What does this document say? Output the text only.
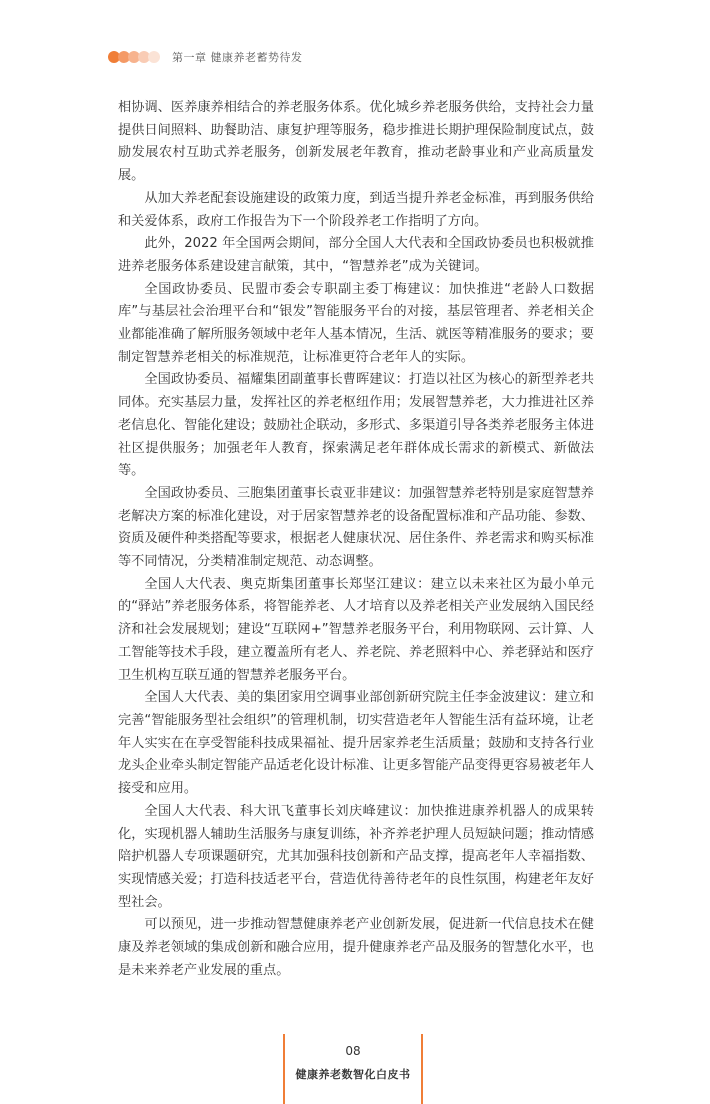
第一章 健康养老蓄势待发

相协调、医养康养相结合的养老服务体系。优化城乡养老服务供给，支持社会力量提供日间照料、助餐助洁、康复护理等服务，稳步推进长期护理保险制度试点，鼓励发展农村互助式养老服务，创新发展老年教育，推动老龄事业和产业高质量发展。

从加大养老配套设施建设的政策力度，到适当提升养老金标准，再到服务供给和关爱体系，政府工作报告为下一个阶段养老工作指明了方向。

此外，2022 年全国两会期间，部分全国人大代表和全国政协委员也积极就推进养老服务体系建设建言献策，其中，“智慧养老”成为关键词。

全国政协委员、民盟市委会专职副主委丁梅建议：加快推进“老龄人口数据库”与基层社会治理平台和“银发”智能服务平台的对接，基层管理者、养老相关企业都能准确了解所服务领域中老年人基本情况，生活、就医等精准服务的要求；要制定智慧养老相关的标准规范，让标准更符合老年人的实际。

全国政协委员、福耀集团副董事长曹晖建议：打造以社区为核心的新型养老共同体。充实基层力量，发挥社区的养老枢纽作用；发展智慧养老，大力推进社区养老信息化、智能化建设；鼓励社企联动，多形式、多渠道引导各类养老服务主体进社区提供服务；加强老年人教育，探索满足老年群体成长需求的新模式、新做法等。

全国政协委员、三胞集团董事长袁亚非建议：加强智慧养老特别是家庭智慧养老解决方案的标准化建设，对于居家智慧养老的设备配置标准和产品功能、参数、资质及硬件种类搭配等要求，根据老人健康状况、居住条件、养老需求和购买标准等不同情况，分类精准制定规范、动态调整。

全国人大代表、奥克斯集团董事长郑坚江建议：建立以未来社区为最小单元的“驿站”养老服务体系，将智能养老、人才培育以及养老相关产业发展纳入国民经济和社会发展规划；建设“互联网+”智慧养老服务平台，利用物联网、云计算、人工智能等技术手段，建立覆盖所有老人、养老院、养老照料中心、养老驿站和医疗卫生机构互联互通的智慧养老服务平台。

全国人大代表、美的集团家用空调事业部创新研究院主任李金波建议：建立和完善“智能服务型社会组织”的管理机制，切实营造老年人智能生活有益环境，让老年人实实在在享受智能科技成果福祉、提升居家养老生活质量；鼓励和支持各行业龙头企业牵头制定智能产品适老化设计标准、让更多智能产品变得更容易被老年人接受和应用。

全国人大代表、科大讯飞董事长刘庆峰建议：加快推进康养机器人的成果转化，实现机器人辅助生活服务与康复训练，补齐养老护理人员短缺问题；推动情感陪护机器人专项课题研究，尤其加强科技创新和产品支撑，提高老年人幸福指数、实现情感关爱；打造科技适老平台，营造优待善待老年的良性氛围，构建老年友好型社会。

可以预见，进一步推动智慧健康养老产业创新发展，促进新一代信息技术在健康及养老领域的集成创新和融合应用，提升健康养老产品及服务的智慧化水平，也是未来养老产业发展的重点。

08
健康养老数智化白皮书
